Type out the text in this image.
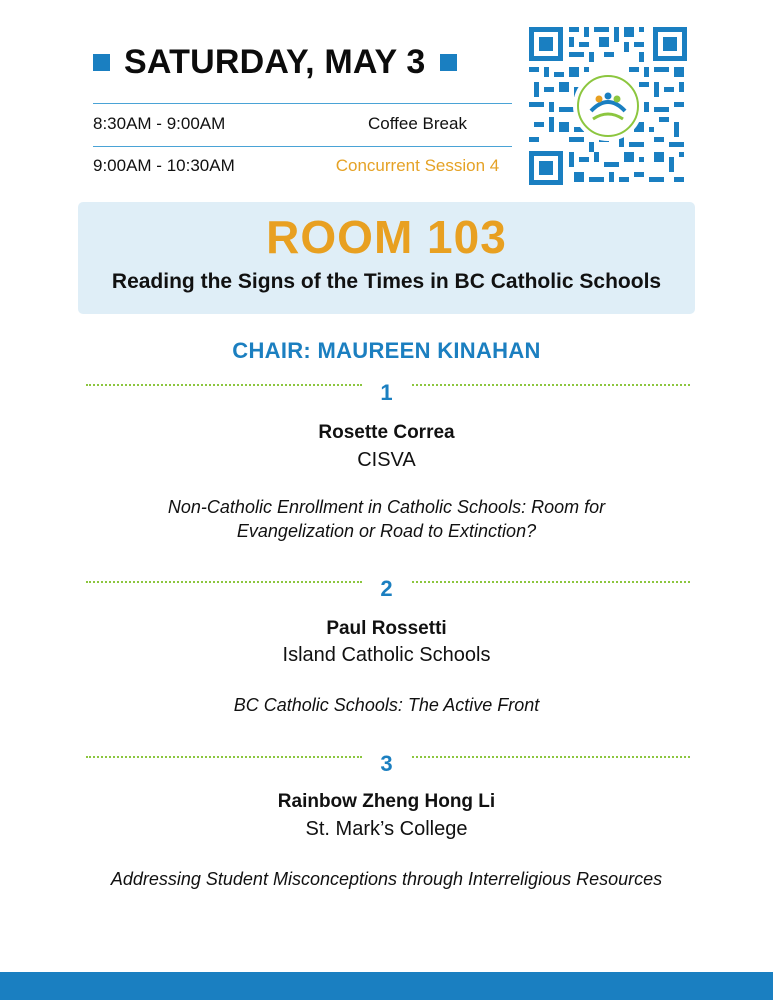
SATURDAY, MAY 3
8:30AM - 9:00AM	Coffee Break
9:00AM - 10:30AM	Concurrent Session 4
ROOM 103
Reading the Signs of the Times in BC Catholic Schools
CHAIR: MAUREEN KINAHAN
1
Rosette Correa
CISVA
Non-Catholic Enrollment in Catholic Schools: Room for
Evangelization or Road to Extinction?
2
Paul Rossetti
Island Catholic Schools
BC Catholic Schools: The Active Front
3
Rainbow Zheng Hong Li
St. Mark’s College
Addressing Student Misconceptions through Interreligious Resources
